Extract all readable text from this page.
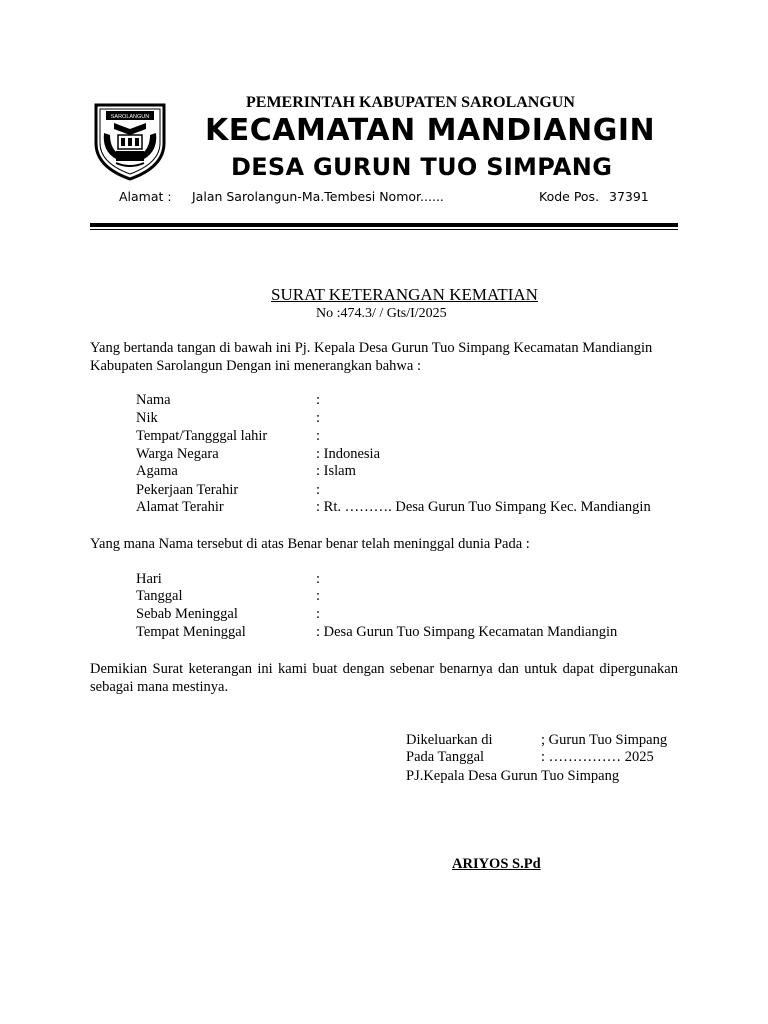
SAROLANGUN
PEMERINTAH KABUPATEN SAROLANGUN
KECAMATAN MANDIANGIN
DESA GURUN TUO SIMPANG
Alamat : Jalan Sarolangun-Ma.Tembesi Nomor......	Kode Pos. 37391
SURAT KETERANGAN KEMATIAN
No :474.3/ / Gts/I/2025
Yang bertanda tangan di bawah ini Pj. Kepala Desa Gurun Tuo Simpang Kecamatan Mandiangin Kabupaten Sarolangun Dengan ini menerangkan bahwa :
Nama	:
Nik	:
Tempat/Tangggal lahir	:
Warga Negara	: Indonesia
Agama	: Islam
Pekerjaan Terahir	:
Alamat Terahir	: Rt. ………. Desa Gurun Tuo Simpang Kec. Mandiangin
Yang mana Nama tersebut di atas Benar benar telah meninggal dunia Pada :
Hari	:
Tanggal	:
Sebab Meninggal	:
Tempat Meninggal	: Desa Gurun Tuo Simpang Kecamatan Mandiangin
Demikian Surat keterangan ini kami buat dengan sebenar benarnya dan untuk dapat dipergunakan sebagai mana mestinya.
Dikeluarkan di	; Gurun Tuo Simpang
Pada Tanggal	: …………… 2025
PJ.Kepala Desa Gurun Tuo Simpang
ARIYOS S.Pd
